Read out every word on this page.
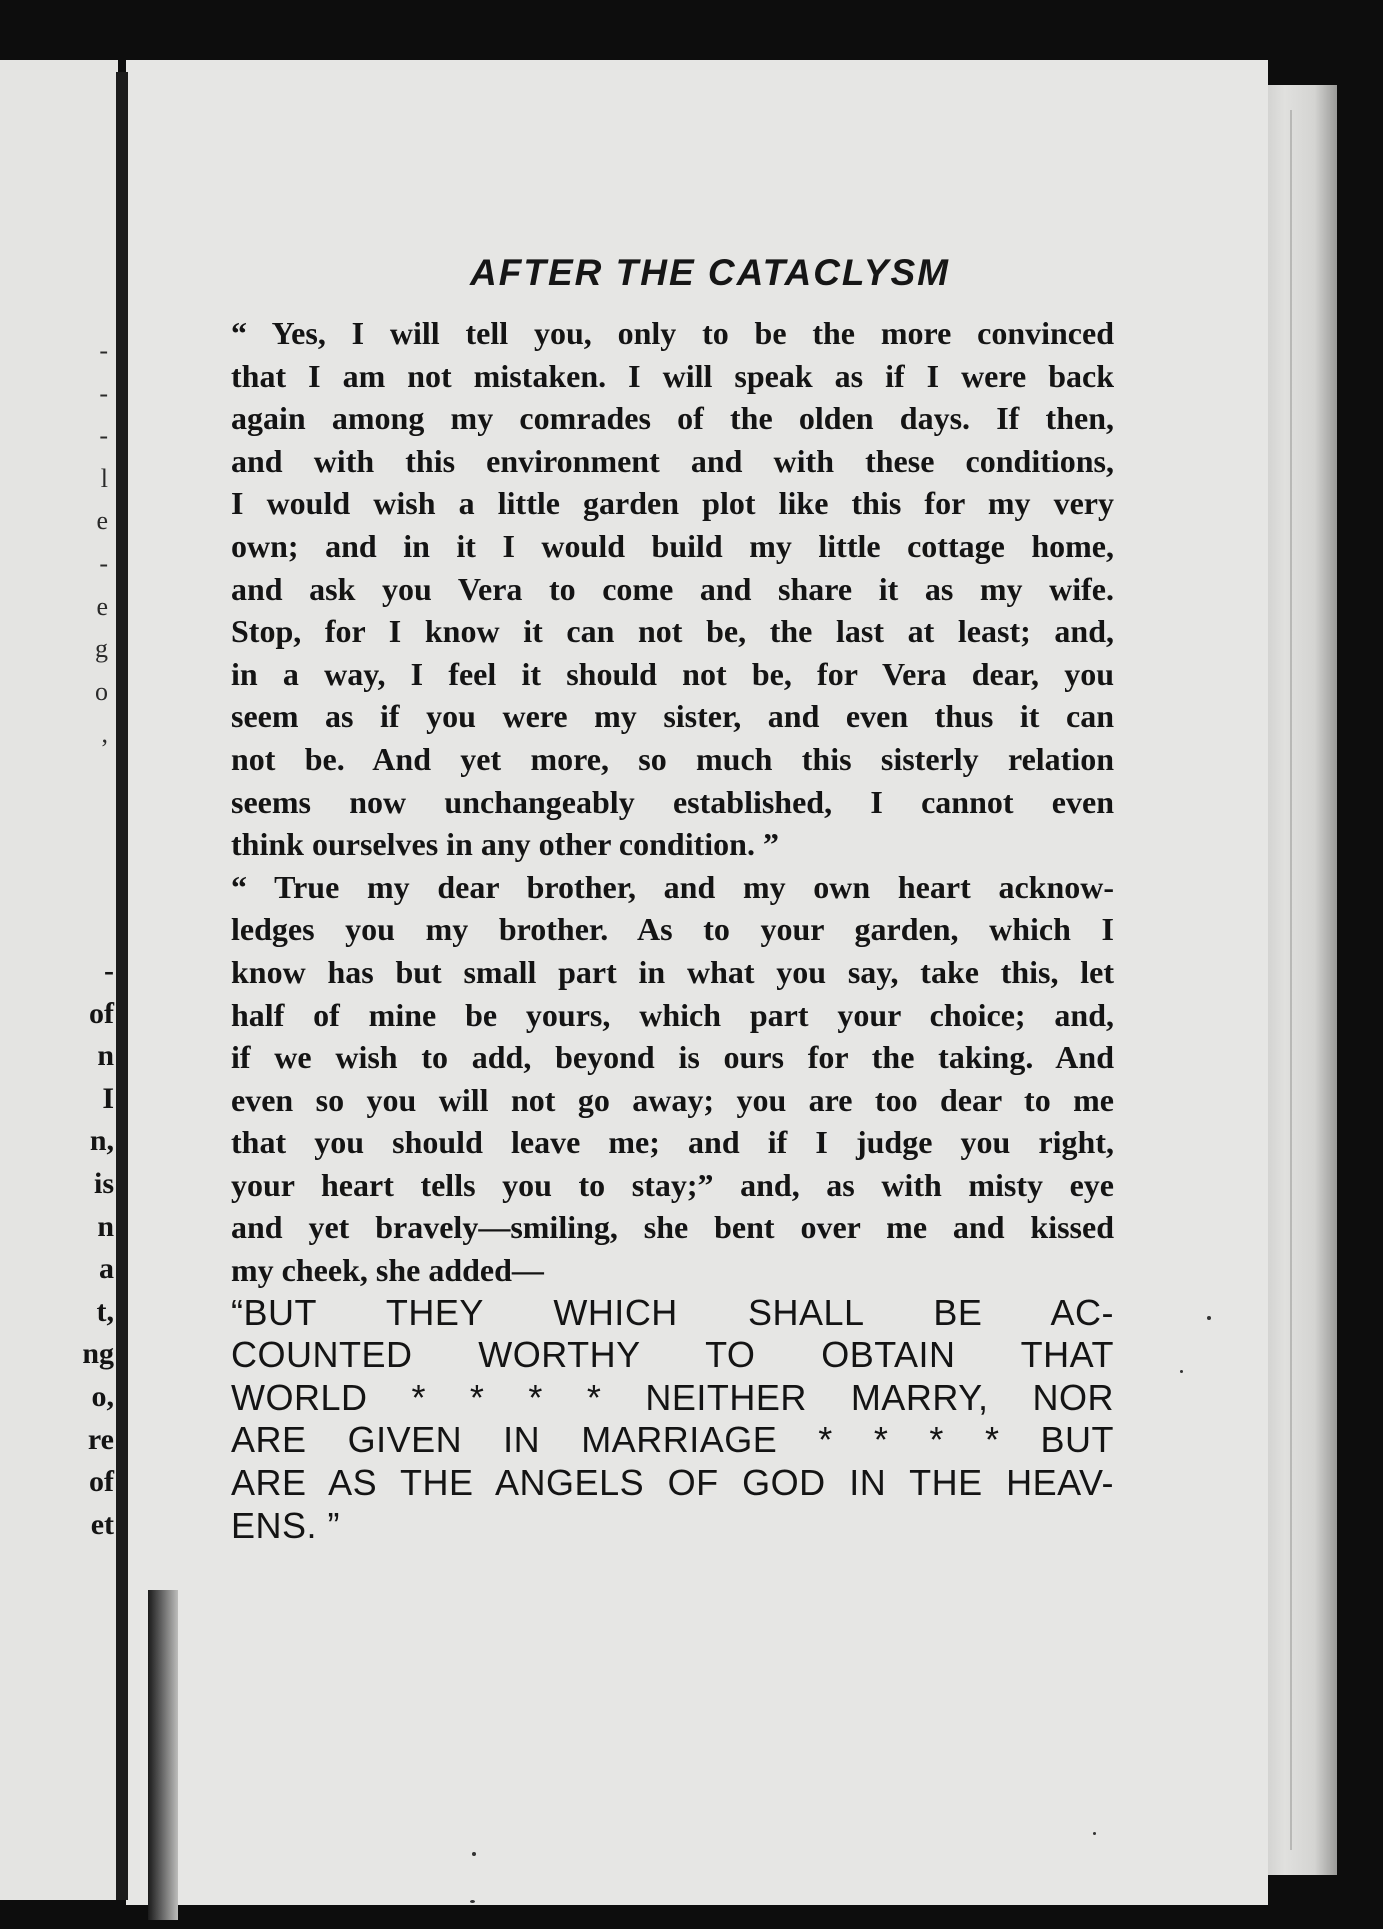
-
-
-
l
e
-
e
g
o
,
-
of
n
I
n,
is
n
a
t,
ng
o,
re
of
et
AFTER THE CATACLYSM
“ Yes, I will tell you, only to be the more convinced
that I am not mistaken. I will speak as if I were back
again among my comrades of the olden days. If then,
and with this environment and with these conditions,
I would wish a little garden plot like this for my very
own; and in it I would build my little cottage home,
and ask you Vera to come and share it as my wife.
Stop, for I know it can not be, the last at least; and,
in a way, I feel it should not be, for Vera dear, you
seem as if you were my sister, and even thus it can
not be. And yet more, so much this sisterly relation
seems now unchangeably established, I cannot even
think ourselves in any other condition. ”
“ True my dear brother, and my own heart acknow-
ledges you my brother. As to your garden, which I
know has but small part in what you say, take this, let
half of mine be yours, which part your choice; and,
if we wish to add, beyond is ours for the taking. And
even so you will not go away; you are too dear to me
that you should leave me; and if I judge you right,
your heart tells you to stay;” and, as with misty eye
and yet bravely—smiling, she bent over me and kissed
my cheek, she added—
“BUT THEY WHICH SHALL BE AC-
COUNTED WORTHY TO OBTAIN THAT
WORLD * * * * NEITHER MARRY, NOR
ARE GIVEN IN MARRIAGE * * * * BUT
ARE AS THE ANGELS OF GOD IN THE HEAV-
ENS. ”
